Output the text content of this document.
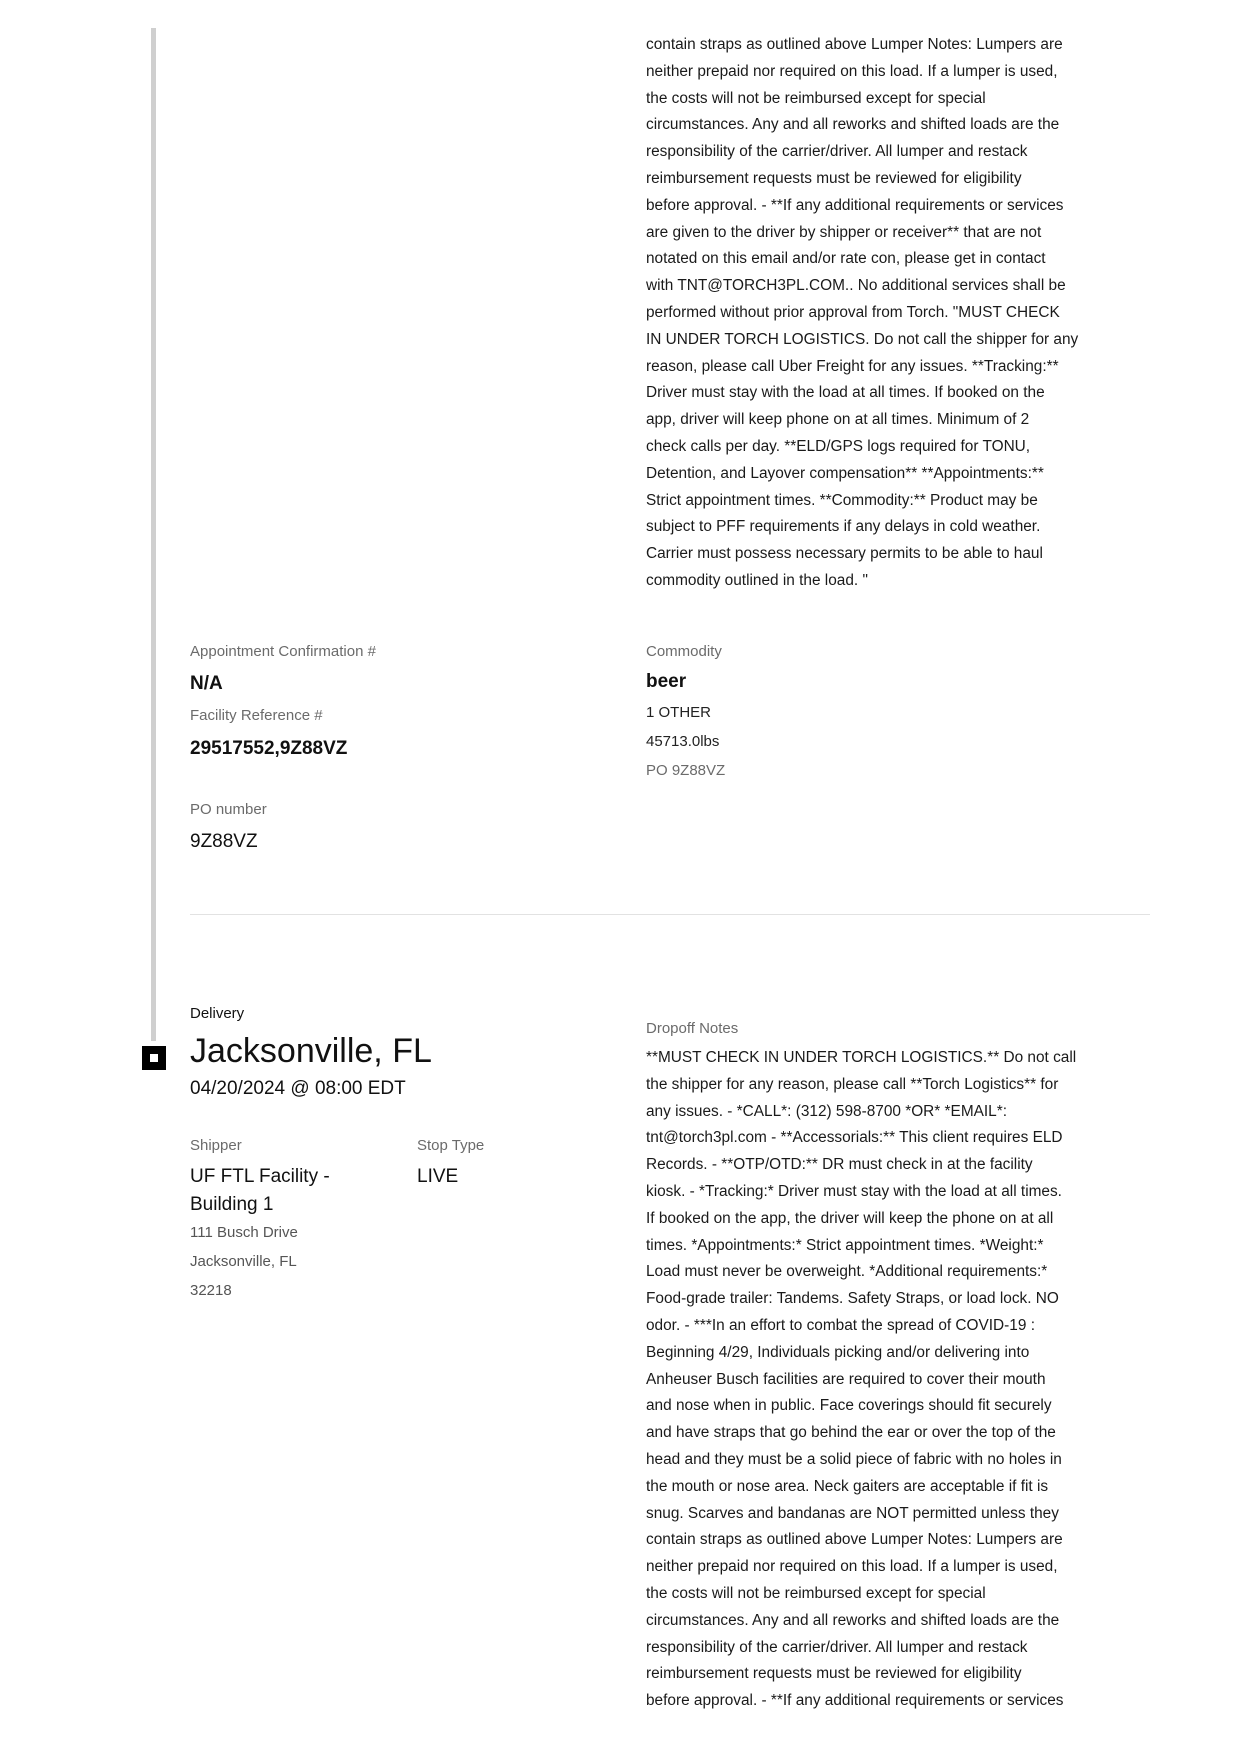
contain straps as outlined above Lumper Notes: Lumpers are
neither prepaid nor required on this load. If a lumper is used,
the costs will not be reimbursed except for special
circumstances. Any and all reworks and shifted loads are the
responsibility of the carrier/driver. All lumper and restack
reimbursement requests must be reviewed for eligibility
before approval. - **If any additional requirements or services
are given to the driver by shipper or receiver** that are not
notated on this email and/or rate con, please get in contact
with TNT@TORCH3PL.COM.. No additional services shall be
performed without prior approval from Torch. "MUST CHECK
IN UNDER TORCH LOGISTICS. Do not call the shipper for any
reason, please call Uber Freight for any issues. **Tracking:**
Driver must stay with the load at all times. If booked on the
app, driver will keep phone on at all times. Minimum of 2
check calls per day. **ELD/GPS logs required for TONU,
Detention, and Layover compensation** **Appointments:**
Strict appointment times. **Commodity:** Product may be
subject to PFF requirements if any delays in cold weather.
Carrier must possess necessary permits to be able to haul
commodity outlined in the load. "
Appointment Confirmation #
N/A
Facility Reference #
29517552,9Z88VZ
PO number
9Z88VZ
Commodity
beer
1 OTHER
45713.0lbs
PO 9Z88VZ
Delivery
Jacksonville, FL
04/20/2024 @ 08:00 EDT
Shipper
UF FTL Facility -
Building 1
111 Busch Drive
Jacksonville, FL
32218
Stop Type
LIVE
Dropoff Notes
**MUST CHECK IN UNDER TORCH LOGISTICS.** Do not call
the shipper for any reason, please call **Torch Logistics** for
any issues. - *CALL*: (312) 598-8700 *OR* *EMAIL*:
tnt@torch3pl.com - **Accessorials:** This client requires ELD
Records. - **OTP/OTD:** DR must check in at the facility
kiosk. - *Tracking:* Driver must stay with the load at all times.
If booked on the app, the driver will keep the phone on at all
times. *Appointments:* Strict appointment times. *Weight:*
Load must never be overweight. *Additional requirements:*
Food-grade trailer: Tandems. Safety Straps, or load lock. NO
odor. - ***In an effort to combat the spread of COVID-19 :
Beginning 4/29, Individuals picking and/or delivering into
Anheuser Busch facilities are required to cover their mouth
and nose when in public. Face coverings should fit securely
and have straps that go behind the ear or over the top of the
head and they must be a solid piece of fabric with no holes in
the mouth or nose area. Neck gaiters are acceptable if fit is
snug. Scarves and bandanas are NOT permitted unless they
contain straps as outlined above Lumper Notes: Lumpers are
neither prepaid nor required on this load. If a lumper is used,
the costs will not be reimbursed except for special
circumstances. Any and all reworks and shifted loads are the
responsibility of the carrier/driver. All lumper and restack
reimbursement requests must be reviewed for eligibility
before approval. - **If any additional requirements or services
